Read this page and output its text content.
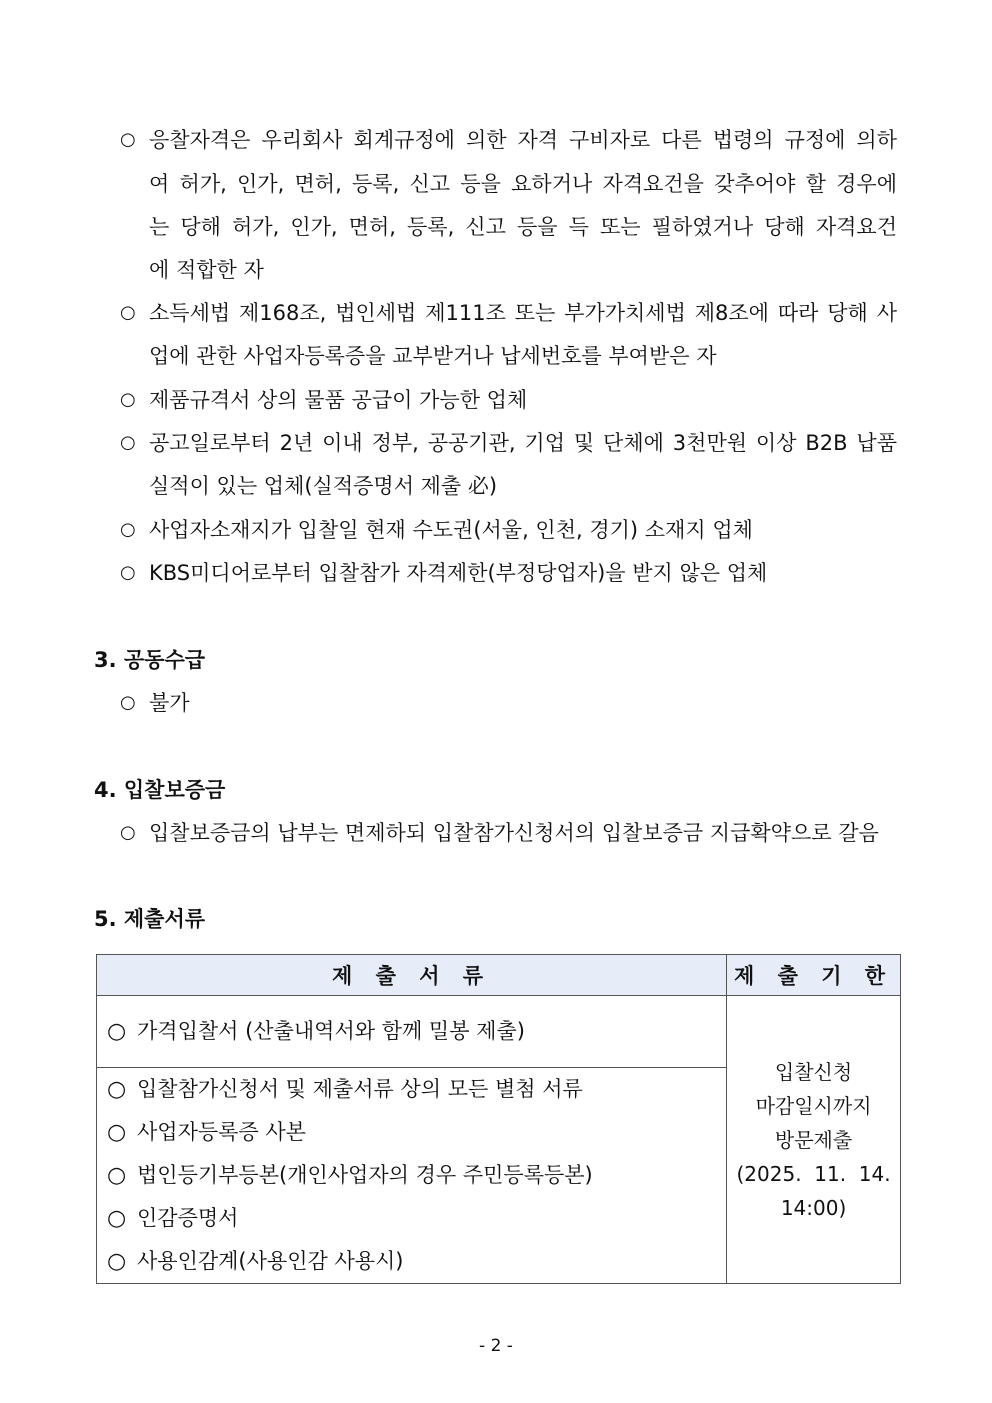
○ 응찰자격은 우리회사 회계규정에 의한 자격 구비자로 다른 법령의 규정에 의하
여 허가, 인가, 면허, 등록, 신고 등을 요하거나 자격요건을 갖추어야 할 경우에
는 당해 허가, 인가, 면허, 등록, 신고 등을 득 또는 필하였거나 당해 자격요건
에 적합한 자
○ 소득세법 제168조, 법인세법 제111조 또는 부가가치세법 제8조에 따라 당해 사
업에 관한 사업자등록증을 교부받거나 납세번호를 부여받은 자
○ 제품규격서 상의 물품 공급이 가능한 업체
○ 공고일로부터 2년 이내 정부, 공공기관, 기업 및 단체에 3천만원 이상 B2B 납품
실적이 있는 업체(실적증명서 제출 必)
○ 사업자소재지가 입찰일 현재 수도권(서울, 인천, 경기) 소재지 업체
○ KBS미디어로부터 입찰참가 자격제한(부정당업자)을 받지 않은 업체
3. 공동수급
○ 불가
4. 입찰보증금
○ 입찰보증금의 납부는 면제하되 입찰참가신청서의 입찰보증금 지급확약으로 갈음
5. 제출서류
제 출 서 류	제 출 기 한

○ 가격입찰서 (산출내역서와 함께 밀봉 제출)	입찰신청
마감일시까지
방문제출
(2025.  11.  14.
14:00)

○ 입찰참가신청서 및 제출서류 상의 모든 별첨 서류
○ 사업자등록증 사본
○ 법인등기부등본(개인사업자의 경우 주민등록등본)
○ 인감증명서
○ 사용인감계(사용인감 사용시)	
- 2 -
